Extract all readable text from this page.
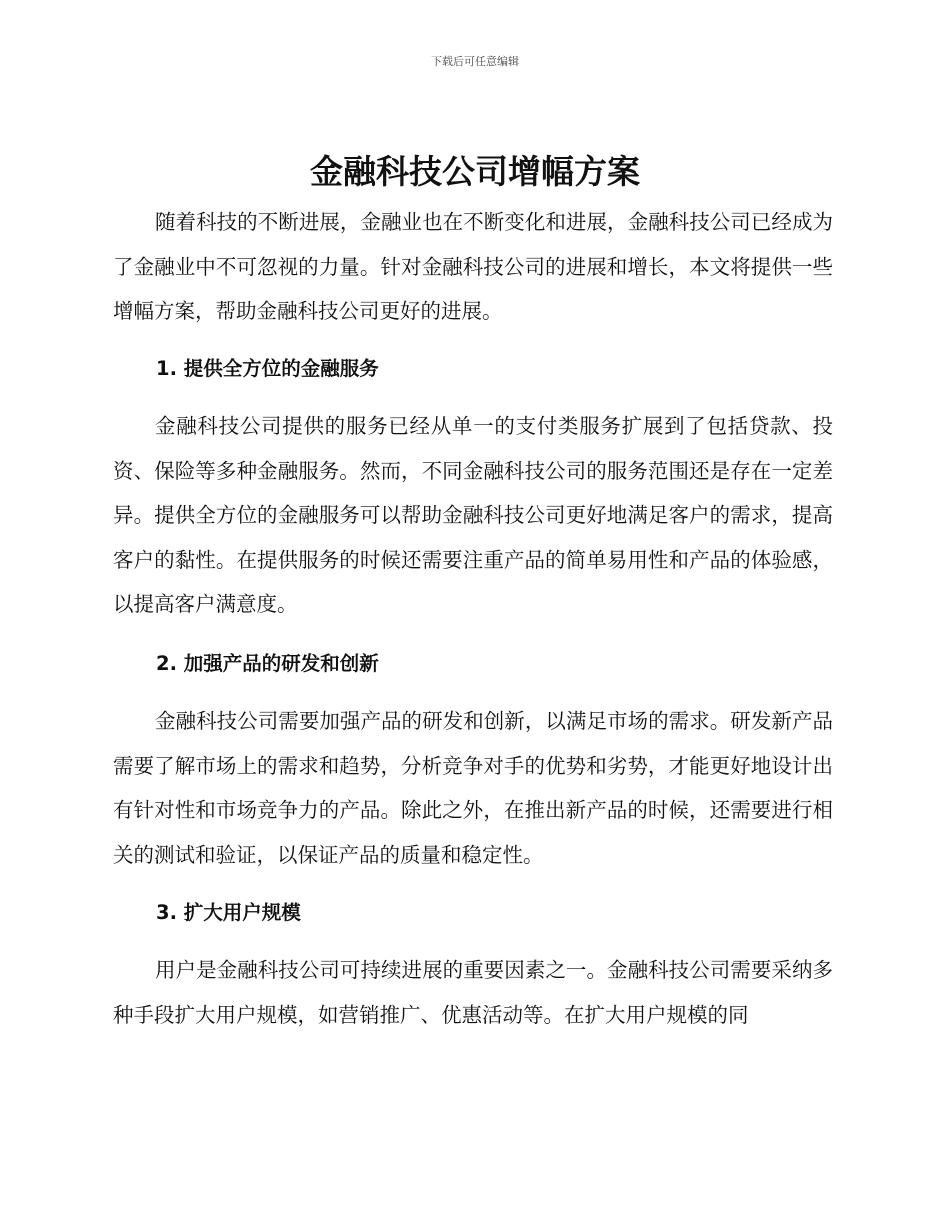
下载后可任意编辑
金融科技公司增幅方案

随着科技的不断进展，金融业也在不断变化和进展，金融科技公司已经成为了金融业中不可忽视的力量。针对金融科技公司的进展和增长，本文将提供一些增幅方案，帮助金融科技公司更好的进展。

1. 提供全方位的金融服务

金融科技公司提供的服务已经从单一的支付类服务扩展到了包括贷款、投资、保险等多种金融服务。然而，不同金融科技公司的服务范围还是存在一定差异。提供全方位的金融服务可以帮助金融科技公司更好地满足客户的需求，提高客户的黏性。在提供服务的时候还需要注重产品的简单易用性和产品的体验感，以提高客户满意度。

2. 加强产品的研发和创新

金融科技公司需要加强产品的研发和创新，以满足市场的需求。研发新产品需要了解市场上的需求和趋势，分析竞争对手的优势和劣势，才能更好地设计出有针对性和市场竞争力的产品。除此之外，在推出新产品的时候，还需要进行相关的测试和验证，以保证产品的质量和稳定性。

3. 扩大用户规模

用户是金融科技公司可持续进展的重要因素之一。金融科技公司需要采纳多种手段扩大用户规模，如营销推广、优惠活动等。在扩大用户规模的同
